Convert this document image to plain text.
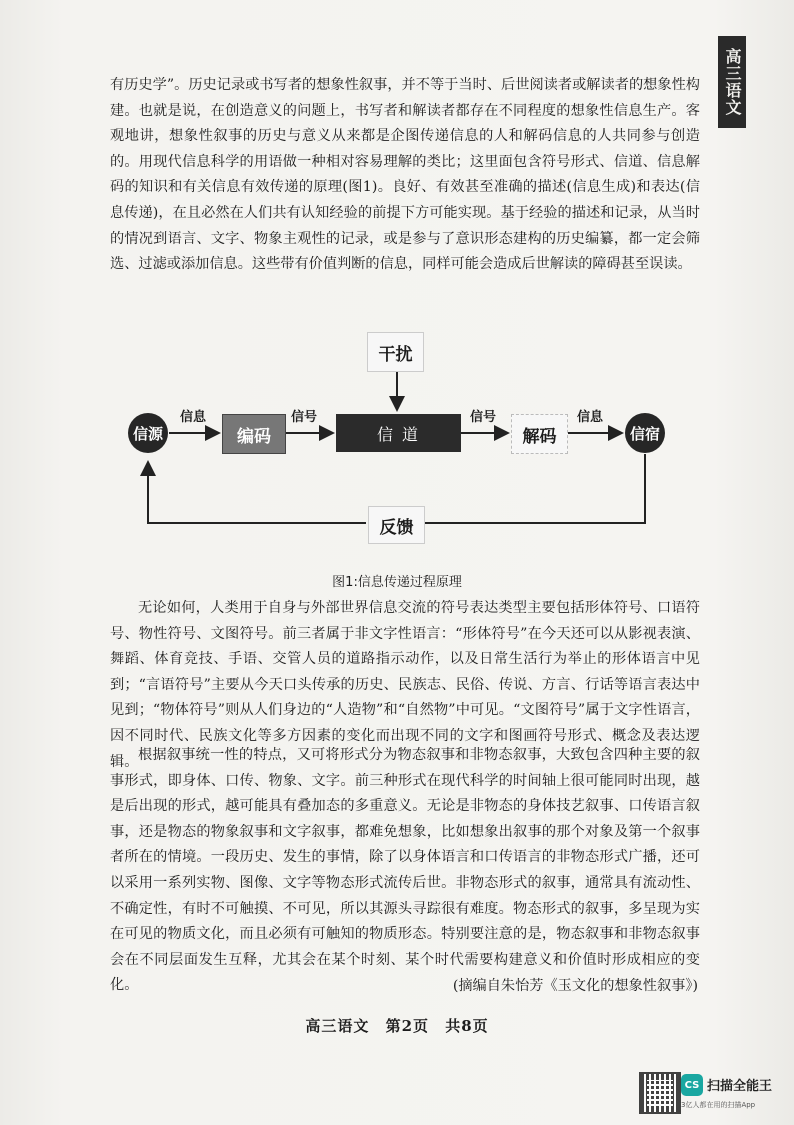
高三语文

有历史学”。历史记录或书写者的想象性叙事，并不等于当时、后世阅读者或解读者的想象性构建。也就是说，在创造意义的问题上，书写者和解读者都存在不同程度的想象性信息生产。客观地讲，想象性叙事的历史与意义从来都是企图传递信息的人和解码信息的人共同参与创造的。用现代信息科学的用语做一种相对容易理解的类比；这里面包含符号形式、信道、信息解码的知识和有关信息有效传递的原理(图1)。良好、有效甚至准确的描述(信息生成)和表达(信息传递)，在且必然在人们共有认知经验的前提下方可能实现。基于经验的描述和记录，从当时的情况到语言、文字、物象主观性的记录，或是参与了意识形态建构的历史编纂，都一定会筛选、过滤或添加信息。这些带有价值判断的信息，同样可能会造成后世解读的障碍甚至误读。

信源	编码	信 道	解码	信宿
干扰
反馈
信息	信号	信号	信息
图1:信息传递过程原理

无论如何，人类用于自身与外部世界信息交流的符号表达类型主要包括形体符号、口语符号、物性符号、文图符号。前三者属于非文字性语言：“形体符号”在今天还可以从影视表演、舞蹈、体育竞技、手语、交管人员的道路指示动作，以及日常生活行为举止的形体语言中见到；“言语符号”主要从今天口头传承的历史、民族志、民俗、传说、方言、行话等语言表达中见到；“物体符号”则从人们身边的“人造物”和“自然物”中可见。“文图符号”属于文字性语言，因不同时代、民族文化等多方因素的变化而出现不同的文字和图画符号形式、概念及表达逻辑。 根据叙事统一性的特点，又可将形式分为物态叙事和非物态叙事，大致包含四种主要的叙事形式，即身体、口传、物象、文字。前三种形式在现代科学的时间轴上很可能同时出现，越是后出现的形式，越可能具有叠加态的多重意义。无论是非物态的身体技艺叙事、口传语言叙事，还是物态的物象叙事和文字叙事，都难免想象，比如想象出叙事的那个对象及第一个叙事者所在的情境。一段历史、发生的事情，除了以身体语言和口传语言的非物态形式广播，还可以采用一系列实物、图像、文字等物态形式流传后世。非物态形式的叙事，通常具有流动性、不确定性，有时不可触摸、不可见，所以其源头寻踪很有难度。物态形式的叙事，多呈现为实在可见的物质文化，而且必须有可触知的物质形态。特别要注意的是，物态叙事和非物态叙事会在不同层面发生互释，尤其会在某个时刻、某个时代需要构建意义和价值时形成相应的变化。	(摘编自朱怡芳《玉文化的想象性叙事》)
高三语文 第2页 共8页
CS 扫描全能王
3亿人都在用的扫描App
